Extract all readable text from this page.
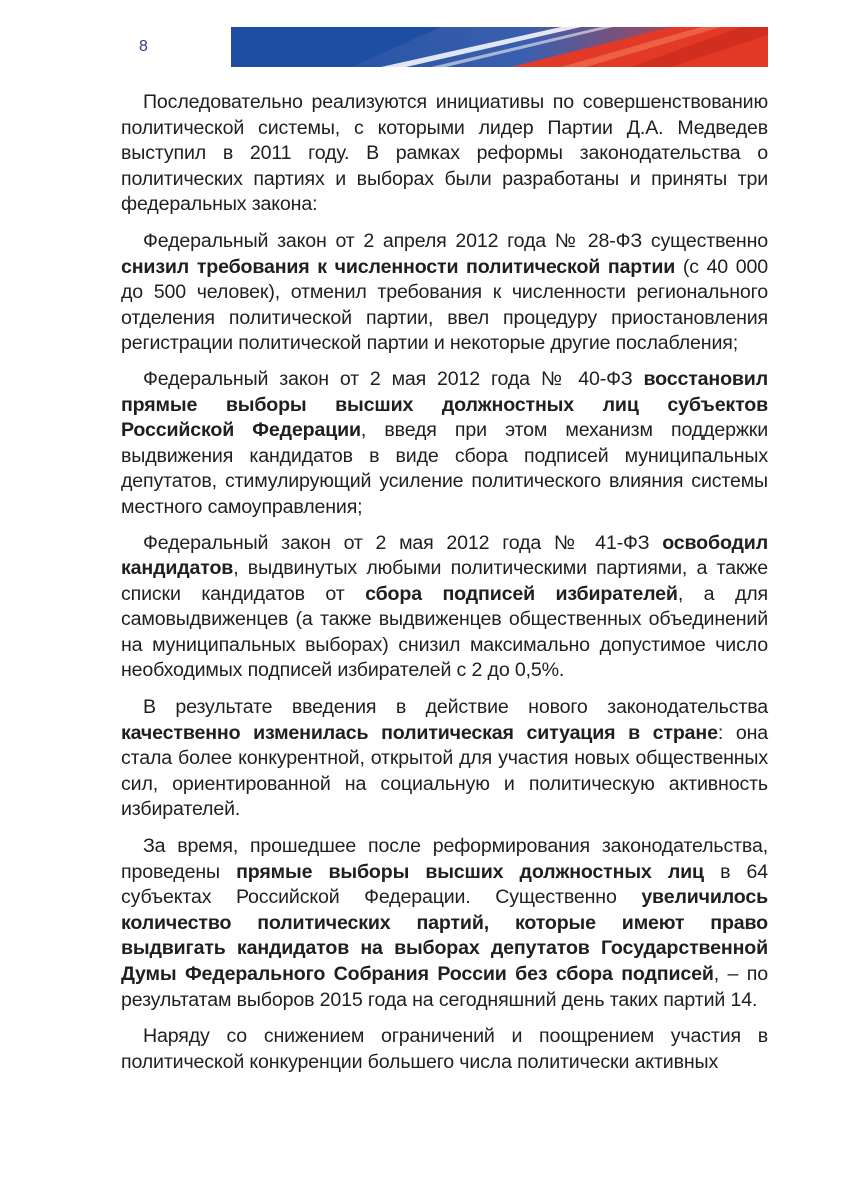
8

Последовательно реализуются инициативы по совершенствованию политической системы, с которыми лидер Партии Д.А. Медведев выступил в 2011 году. В рамках реформы законодательства о политических партиях и выборах были разработаны и приняты три федеральных закона:

Федеральный закон от 2 апреля 2012 года № 28-ФЗ существенно снизил требования к численности политической партии (с 40 000 до 500 человек), отменил требования к численности регионального отделения политической партии, ввел процедуру приостановления регистрации политической партии и некоторые другие послабления;

Федеральный закон от 2 мая 2012 года № 40-ФЗ восстановил прямые выборы высших должностных лиц субъектов Российской Федерации, введя при этом механизм поддержки выдвижения кандидатов в виде сбора подписей муниципальных депутатов, стимулирующий усиление политического влияния системы местного самоуправления;

Федеральный закон от 2 мая 2012 года № 41-ФЗ освободил кандидатов, выдвинутых любыми политическими партиями, а также списки кандидатов от сбора подписей избирателей, а для самовыдвиженцев (а также выдвиженцев общественных объединений на муниципальных выборах) снизил максимально допустимое число необходимых подписей избирателей с 2 до 0,5%.

В результате введения в действие нового законодательства качественно изменилась политическая ситуация в стране: она стала более конкурентной, открытой для участия новых общественных сил, ориентированной на социальную и политическую активность избирателей.

За время, прошедшее после реформирования законодательства, проведены прямые выборы высших должностных лиц в 64 субъектах Российской Федерации. Существенно увеличилось количество политических партий, которые имеют право выдвигать кандидатов на выборах депутатов Государственной Думы Федерального Собрания России без сбора подписей, – по результатам выборов 2015 года на сегодняшний день таких партий 14.

Наряду со снижением ограничений и поощрением участия в политической конкуренции большего числа политически активных
